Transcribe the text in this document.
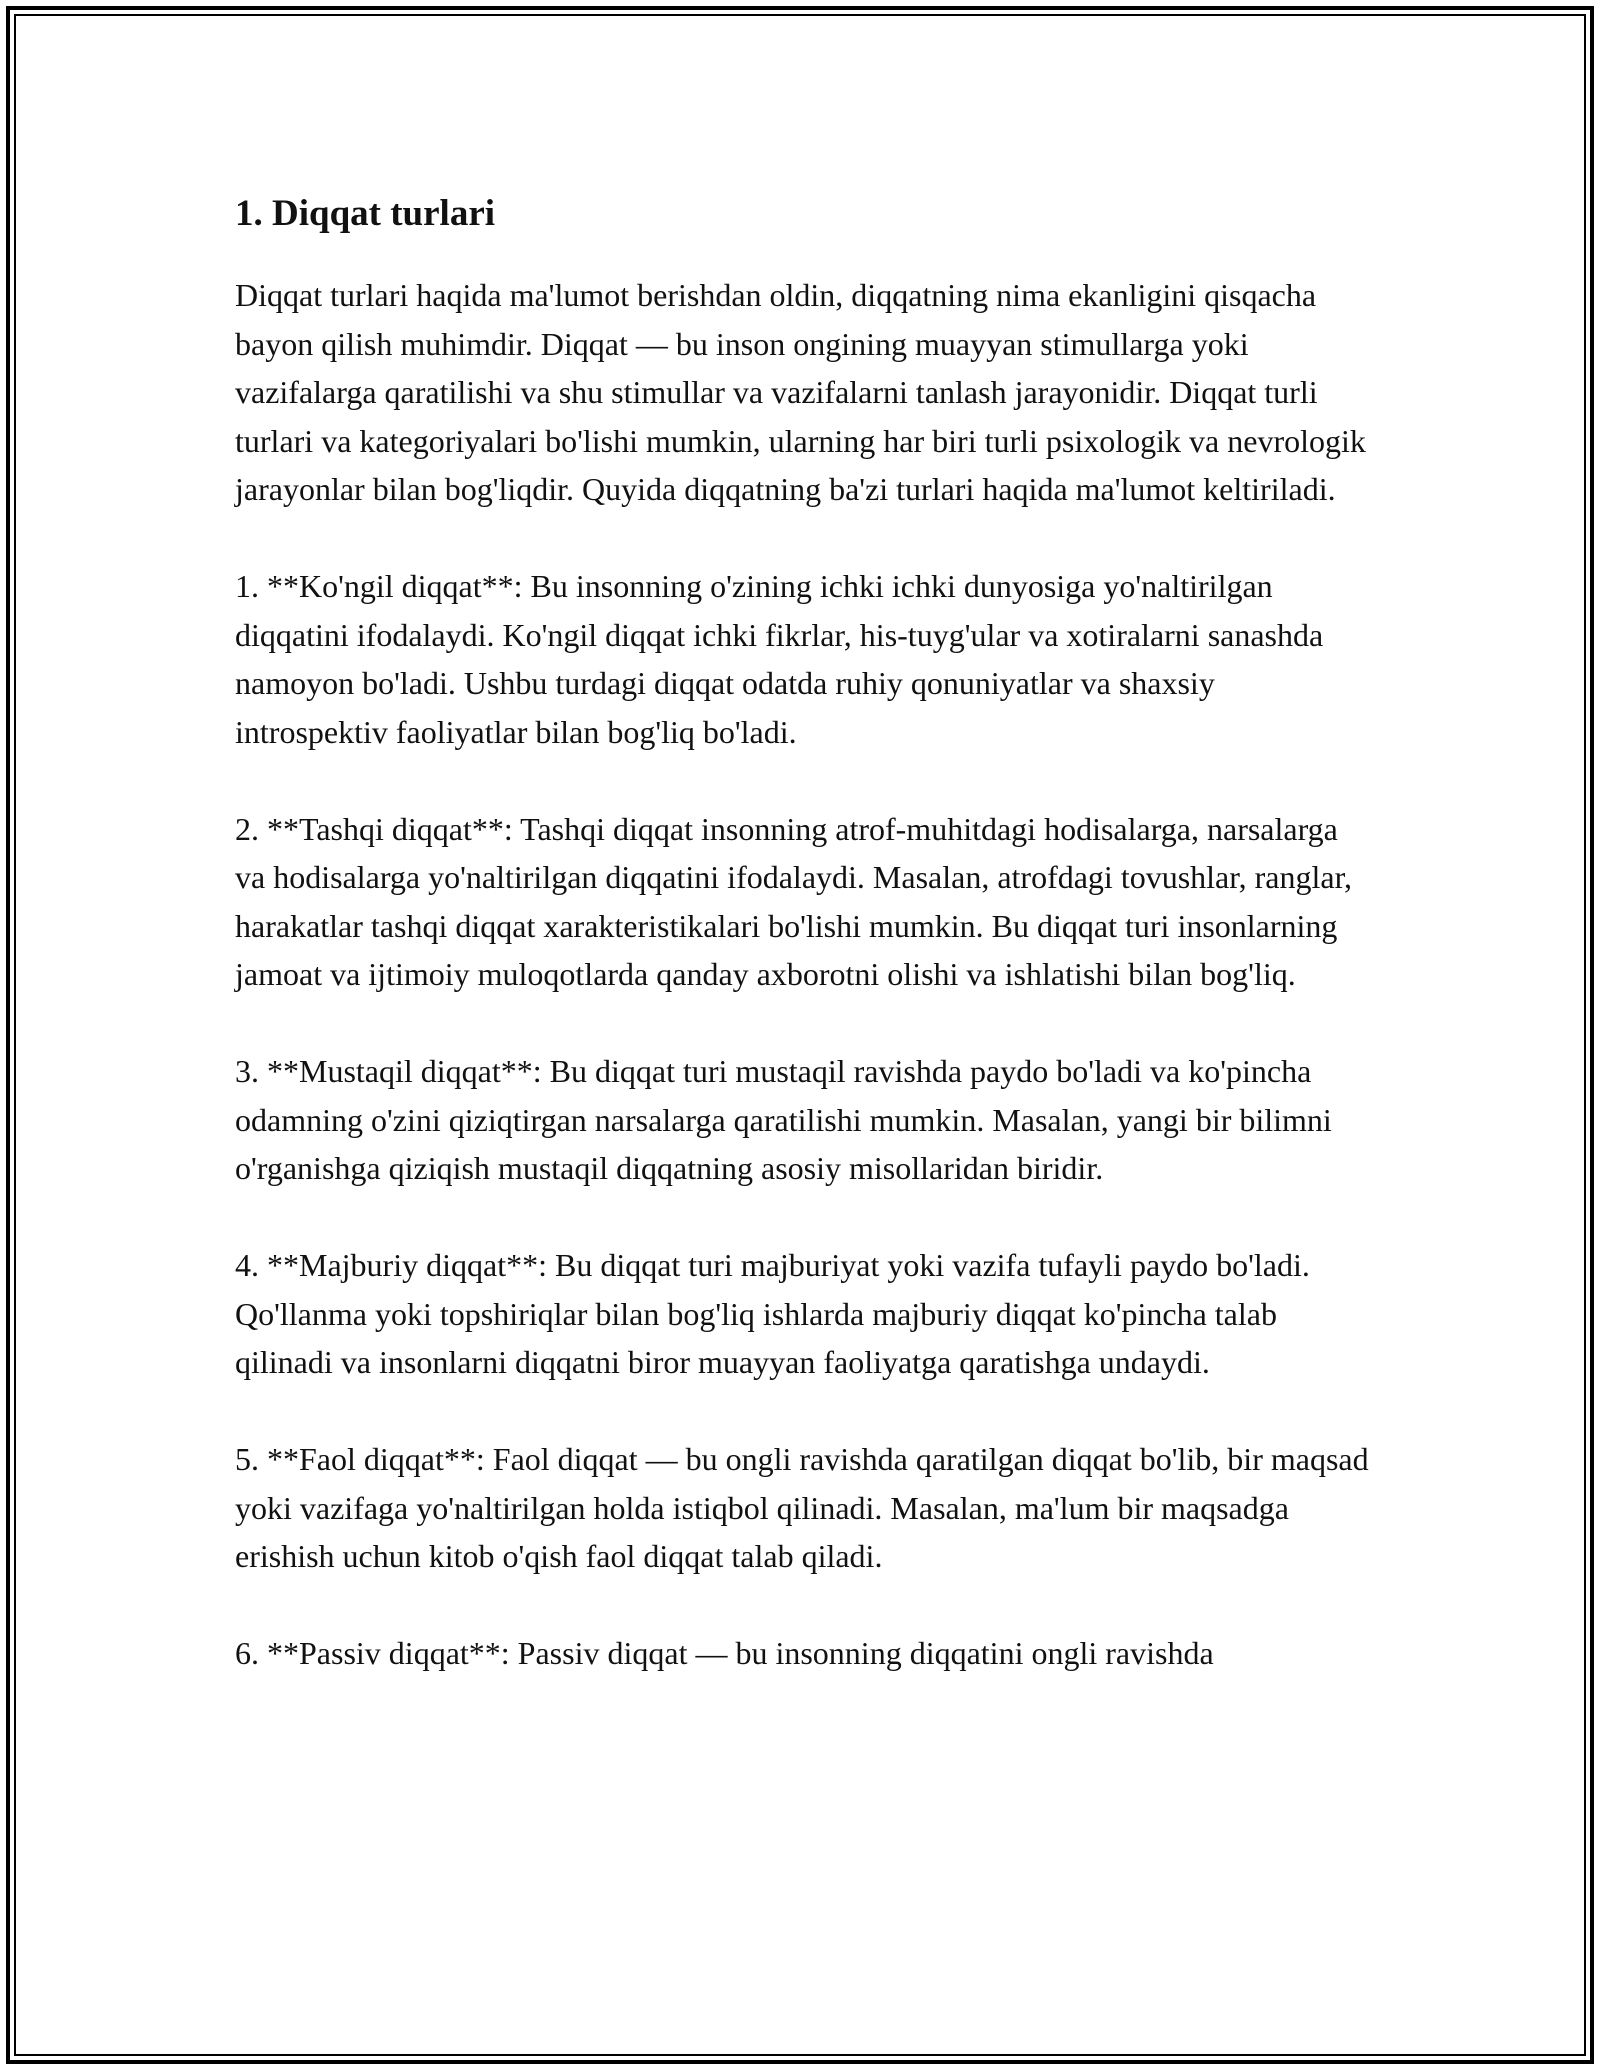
1. Diqqat turlari

Diqqat turlari haqida ma'lumot berishdan oldin, diqqatning nima ekanligini qisqacha bayon qilish muhimdir. Diqqat — bu inson ongining muayyan stimullarga yoki vazifalarga qaratilishi va shu stimullar va vazifalarni tanlash jarayonidir. Diqqat turli turlari va kategoriyalari bo'lishi mumkin, ularning har biri turli psixologik va nevrologik jarayonlar bilan bog'liqdir. Quyida diqqatning ba'zi turlari haqida ma'lumot keltiriladi.

1. **Ko'ngil diqqat**: Bu insonning o'zining ichki ichki dunyosiga yo'naltirilgan diqqatini ifodalaydi. Ko'ngil diqqat ichki fikrlar, his-tuyg'ular va xotiralarni sanashda namoyon bo'ladi. Ushbu turdagi diqqat odatda ruhiy qonuniyatlar va shaxsiy introspektiv faoliyatlar bilan bog'liq bo'ladi.

2. **Tashqi diqqat**: Tashqi diqqat insonning atrof-muhitdagi hodisalarga, narsalarga va hodisalarga yo'naltirilgan diqqatini ifodalaydi. Masalan, atrofdagi tovushlar, ranglar, harakatlar tashqi diqqat xarakteristikalari bo'lishi mumkin. Bu diqqat turi insonlarning jamoat va ijtimoiy muloqotlarda qanday axborotni olishi va ishlatishi bilan bog'liq.

3. **Mustaqil diqqat**: Bu diqqat turi mustaqil ravishda paydo bo'ladi va ko'pincha odamning o'zini qiziqtirgan narsalarga qaratilishi mumkin. Masalan, yangi bir bilimni o'rganishga qiziqish mustaqil diqqatning asosiy misollaridan biridir.

4. **Majburiy diqqat**: Bu diqqat turi majburiyat yoki vazifa tufayli paydo bo'ladi. Qo'llanma yoki topshiriqlar bilan bog'liq ishlarda majburiy diqqat ko'pincha talab qilinadi va insonlarni diqqatni biror muayyan faoliyatga qaratishga undaydi.

5. **Faol diqqat**: Faol diqqat — bu ongli ravishda qaratilgan diqqat bo'lib, bir maqsad yoki vazifaga yo'naltirilgan holda istiqbol qilinadi. Masalan, ma'lum bir maqsadga erishish uchun kitob o'qish faol diqqat talab qiladi.

6. **Passiv diqqat**: Passiv diqqat — bu insonning diqqatini ongli ravishda
